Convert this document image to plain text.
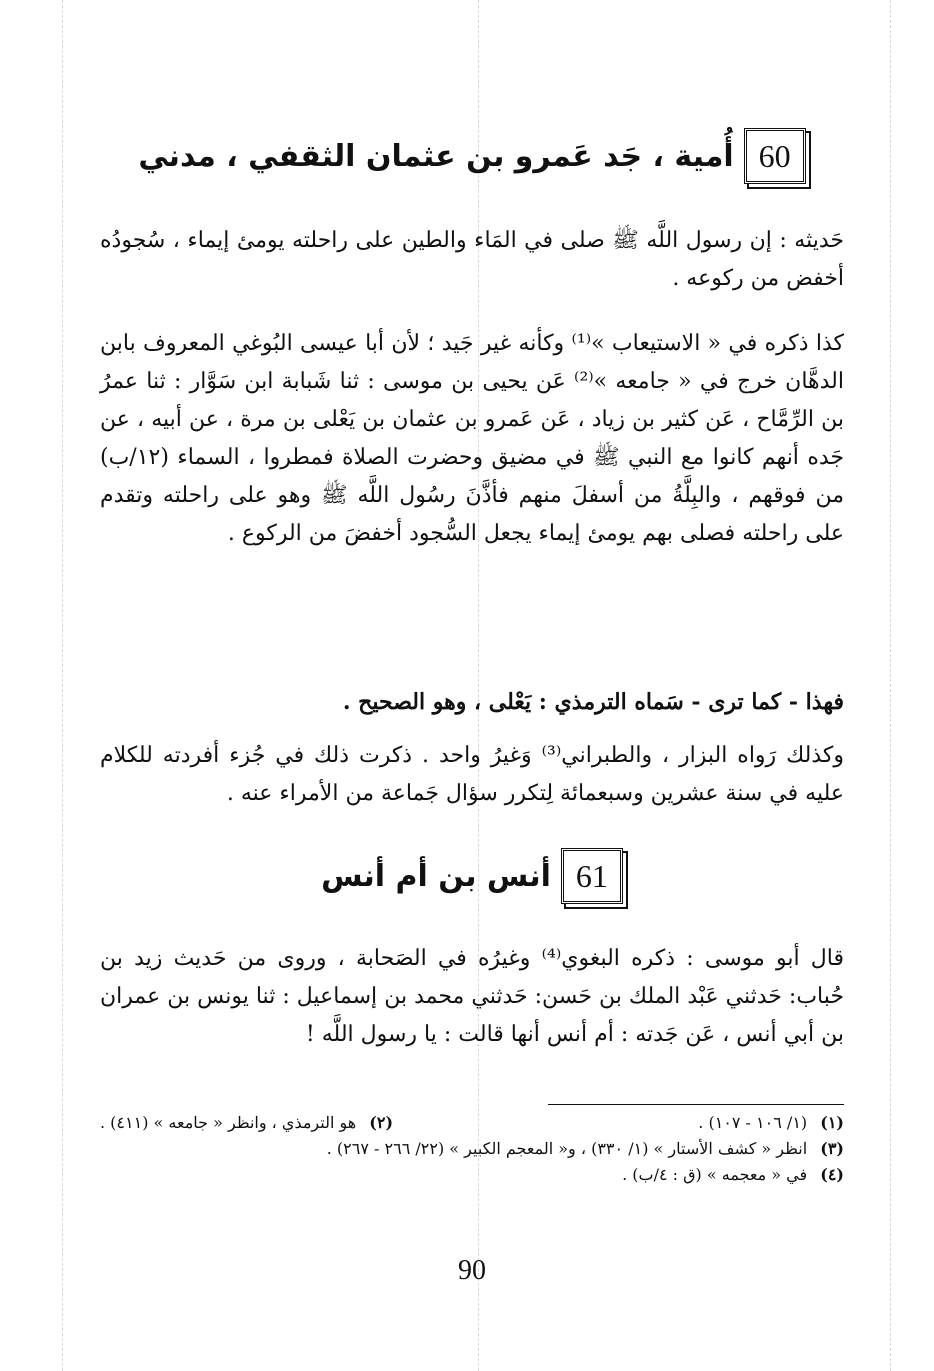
60
أُمية ، جَد عَمرو بن عثمان الثقفي ، مدني
حَديثه : إن رسول اللَّه ﷺ صلى في المَاء والطين على راحلته يومئ إيماء ، سُجودُه أخفض من ركوعه .
كذا ذكره في « الاستيعاب »⁽¹⁾ وكأنه غير جَيد ؛ لأن أبا عيسى البُوغي المعروف بابن الدهَّان خرج في « جامعه »⁽²⁾ عَن يحيى بن موسى : ثنا شَبابة ابن سَوَّار : ثنا عمرُ بن الرِّمَّاح ، عَن كثير بن زياد ، عَن عَمرو بن عثمان بن يَعْلى بن مرة ، عن أبيه ، عن جَده أنهم كانوا مع النبي ﷺ في مضيق وحضرت الصلاة فمطروا ، السماء (١٢/ب) من فوقهم ، والبِلَّةُ من أسفلَ منهم فأذَّنَ رسُول اللَّه ﷺ وهو على راحلته وتقدم على راحلته فصلى بهم يومئ إيماء يجعل السُّجود أخفضَ من الركوع .
فهذا - كما ترى - سَماه الترمذي : يَعْلى ، وهو الصحيح .
وكذلك رَواه البزار ، والطبراني⁽³⁾ وَغيرُ واحد . ذكرت ذلك في جُزء أفردته للكلام عليه في سنة عشرين وسبعمائة لِتكرر سؤال جَماعة من الأمراء عنه .
61
أنس بن أم أنس
قال أبو موسى : ذكره البغوي⁽⁴⁾ وغيرُه في الصَحابة ، وروى من حَديث زيد بن حُباب: حَدثني عَبْد الملك بن حَسن: حَدثني محمد بن إسماعيل : ثنا يونس بن عمران بن أبي أنس ، عَن جَدته : أم أنس أنها قالت : يا رسول اللَّه !
(١) (١/ ١٠٦ - ١٠٧) .
(٢) هو الترمذي ، وانظر « جامعه » (٤١١) .
(٣) انظر « كشف الأستار » (١/ ٣٣٠) ، و« المعجم الكبير » (٢٢/ ٢٦٦ - ٢٦٧) .
(٤) في « معجمه » (ق : ٤/ب) .
90
